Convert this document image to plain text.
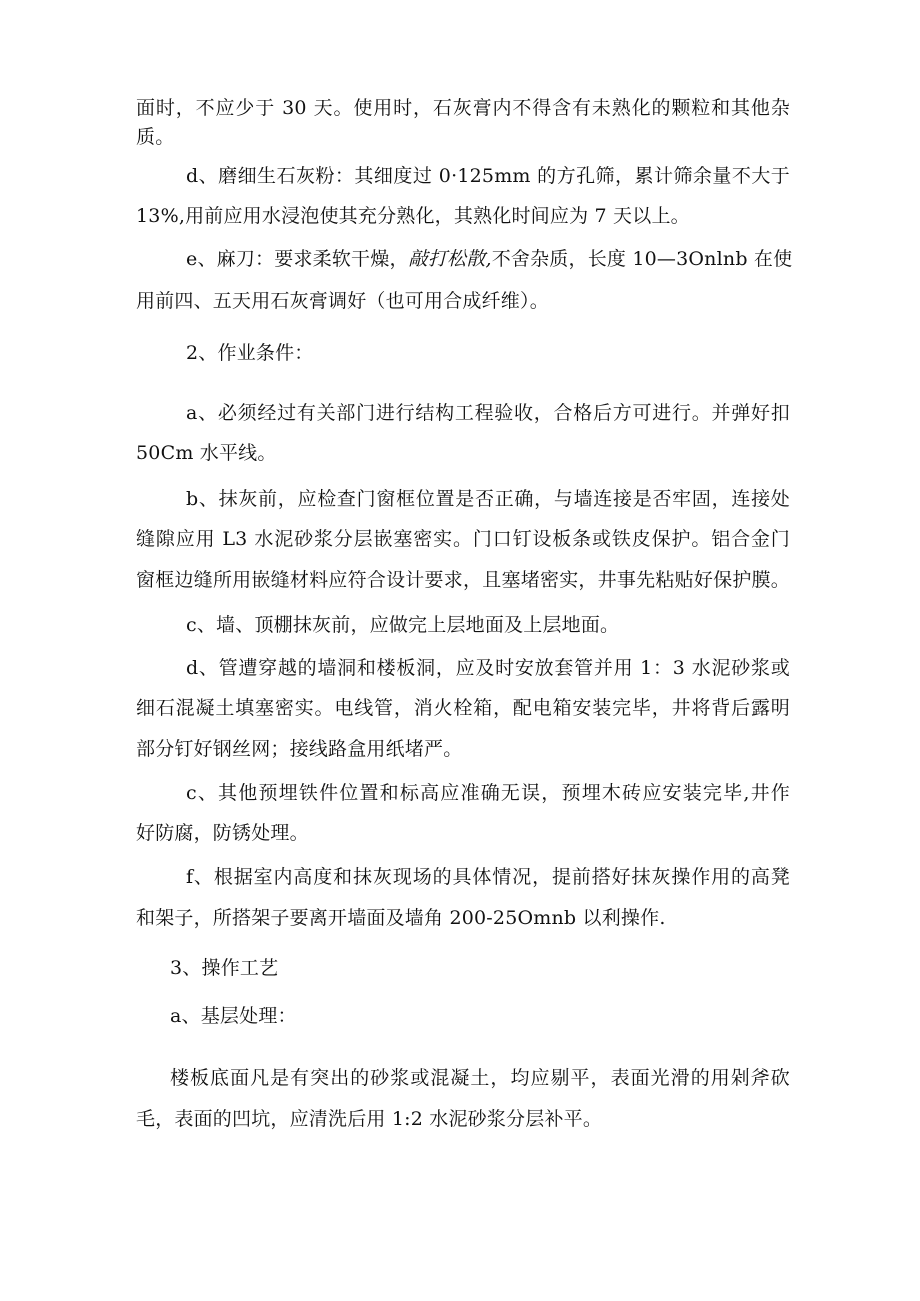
面时，不应少于 30 天。使用时，石灰膏内不得含有未熟化的颗粒和其他杂
质。
d、磨细生石灰粉：其细度过 0·125mm 的方孔筛，累计筛余量不大于
13%,用前应用水浸泡使其充分熟化，其熟化时间应为 7 天以上。
e、麻刀：要求柔软干燥，敲打松散,不舍杂质，长度 10—3Onlnb 在使
用前四、五天用石灰膏调好（也可用合成纤维）。
2、作业条件：
a、必须经过有关部门进行结构工程验收，合格后方可进行。并弹好扣
50Cm 水平线。
b、抹灰前，应检查门窗框位置是否正确，与墙连接是否牢固，连接处
缝隙应用 L3 水泥砂浆分层嵌塞密实。门口钉设板条或铁皮保护。铝合金门
窗框边缝所用嵌缝材料应符合设计要求，且塞堵密实，井事先粘贴好保护膜。
c、墙、顶棚抹灰前，应做完上层地面及上层地面。
d、管遭穿越的墙洞和楼板洞，应及时安放套管并用 1：3 水泥砂浆或
细石混凝土填塞密实。电线管，消火栓箱，配电箱安装完毕，井将背后露明
部分钉好钢丝网；接线路盒用纸堵严。
c、其他预埋铁件位置和标高应准确无误，预埋木砖应安装完毕,井作
好防腐，防锈处理。
f、根据室内高度和抹灰现场的具体情况，提前搭好抹灰操作用的高凳
和架子，所搭架子要离开墙面及墙角 200-25Omnb 以利操作.
3、操作工艺
a、基层处理：
楼板底面凡是有突出的砂浆或混凝土，均应剔平，表面光滑的用剁斧砍
毛，表面的凹坑，应清洗后用 1:2 水泥砂浆分层补平。
